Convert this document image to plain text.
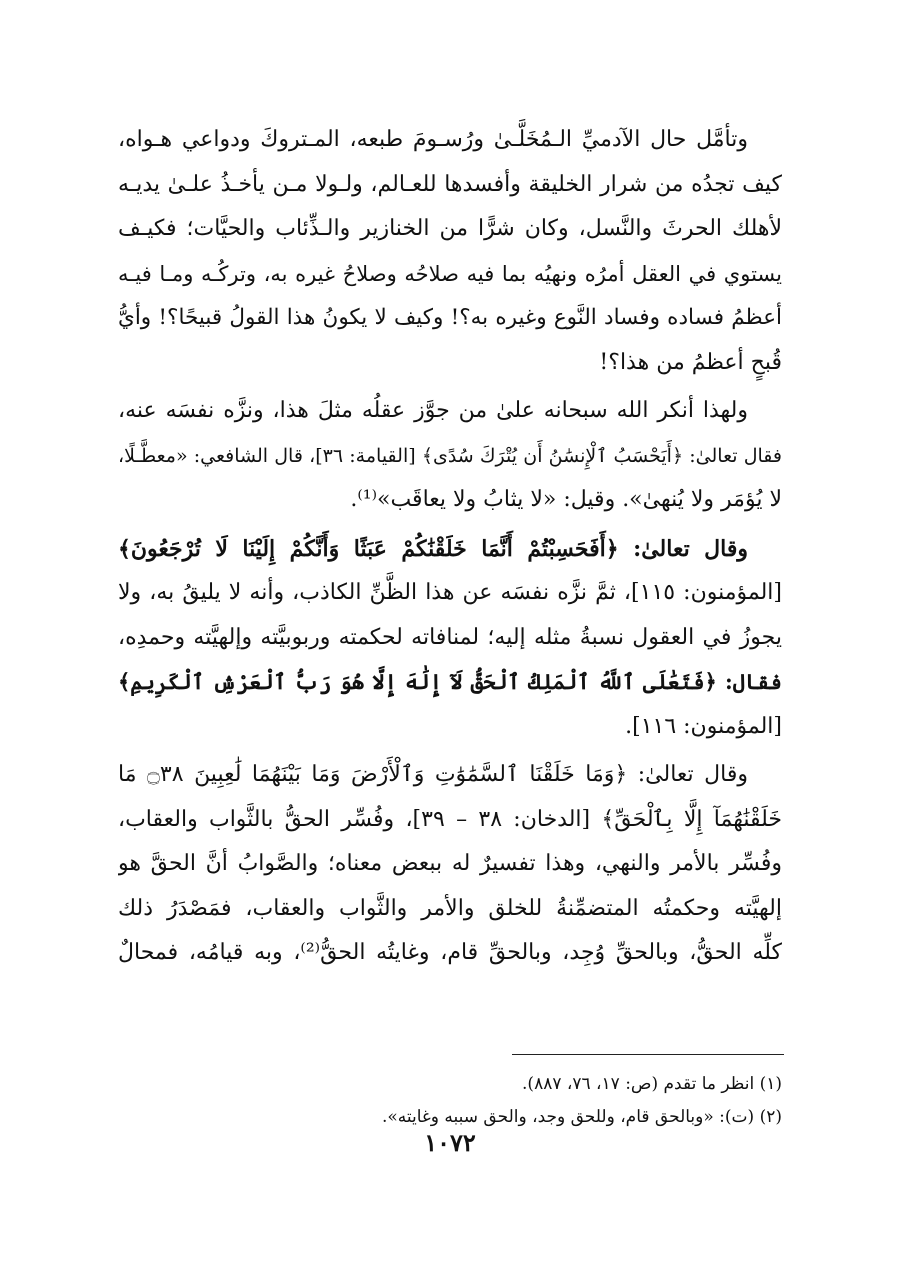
وتأمَّل حال الآدميِّ الـمُخَلَّـىٰ ورُسـومَ طبعه، المـتروكَ ودواعي هـواه،
كيف تجدُه من شرار الخليقة وأفسدها للعـالم، ولـولا مـن يأخـذُ علـىٰ يديـه
لأهلك الحرثَ والنَّسل، وكان شرًّا من الخنازير والـذِّئاب والحيَّات؛ فكيـف
يستوي في العقل أمرُه ونهيُه بما فيه صلاحُه وصلاحُ غيره به، وتركُـه ومـا فيـه
أعظمُ فساده وفساد النَّوع وغيره به؟! وكيف لا يكونُ هذا القولُ قبيحًا؟! وأيُّ
قُبحٍ أعظمُ من هذا؟!
ولهذا أنكر الله سبحانه علىٰ من جوَّز عقلُه مثلَ هذا، ونزَّه نفسَه عنه،
فقال تعالىٰ: ﴿أَيَحْسَبُ ٱلْإِنسَٰنُ أَن يُتْرَكَ سُدًى﴾ [القيامة: ٣٦]، قال الشافعي: «معطَّـلًا،
لا يُؤمَر ولا يُنهىٰ». وقيل: «لا يثابُ ولا يعاقَب»⁽¹⁾.
وقال تعالىٰ: ﴿أَفَحَسِبْتُمْ أَنَّمَا خَلَقْنَٰكُمْ عَبَثًا وَأَنَّكُمْ إِلَيْنَا لَا تُرْجَعُونَ﴾
[المؤمنون: ١١٥]، ثمَّ نزَّه نفسَه عن هذا الظَّنِّ الكاذب، وأنه لا يليقُ به، ولا
يجوزُ في العقول نسبةُ مثله إليه؛ لمنافاته لحكمته وربوبيَّته وإلهيَّته وحمدِه،
فقال: ﴿فَتَعَٰلَى ٱللَّهُ ٱلْمَلِكُ ٱلْحَقُّ لَآ إِلَٰهَ إِلَّا هُوَ رَبُّ ٱلْعَرْشِ ٱلْكَرِيمِ﴾
[المؤمنون: ١١٦].
وقال تعالىٰ: ﴿وَمَا خَلَقْنَا ٱلسَّمَٰوَٰتِ وَٱلْأَرْضَ وَمَا بَيْنَهُمَا لَٰعِبِينَ ۝٣٨ مَا
خَلَقْنَٰهُمَآ إِلَّا بِٱلْحَقِّ﴾ [الدخان: ٣٨ – ٣٩]، وفُسِّر الحقُّ بالثَّواب والعقاب،
وفُسِّر بالأمر والنهي، وهذا تفسيرٌ له ببعض معناه؛ والصَّوابُ أنَّ الحقَّ هو
إلهيَّته وحكمتُه المتضمِّنةُ للخلق والأمر والثَّواب والعقاب، فمَصْدَرُ ذلك
كلِّه الحقُّ، وبالحقِّ وُجِد، وبالحقِّ قام، وغايتُه الحقُّ⁽²⁾، وبه قيامُه، فمحالٌ
(١) انظر ما تقدم (ص: ١٧، ٧٦، ٨٨٧).
(٢) (ت): «وبالحق قام، وللحق وجد، والحق سببه وغايته».
١٠٧٢
